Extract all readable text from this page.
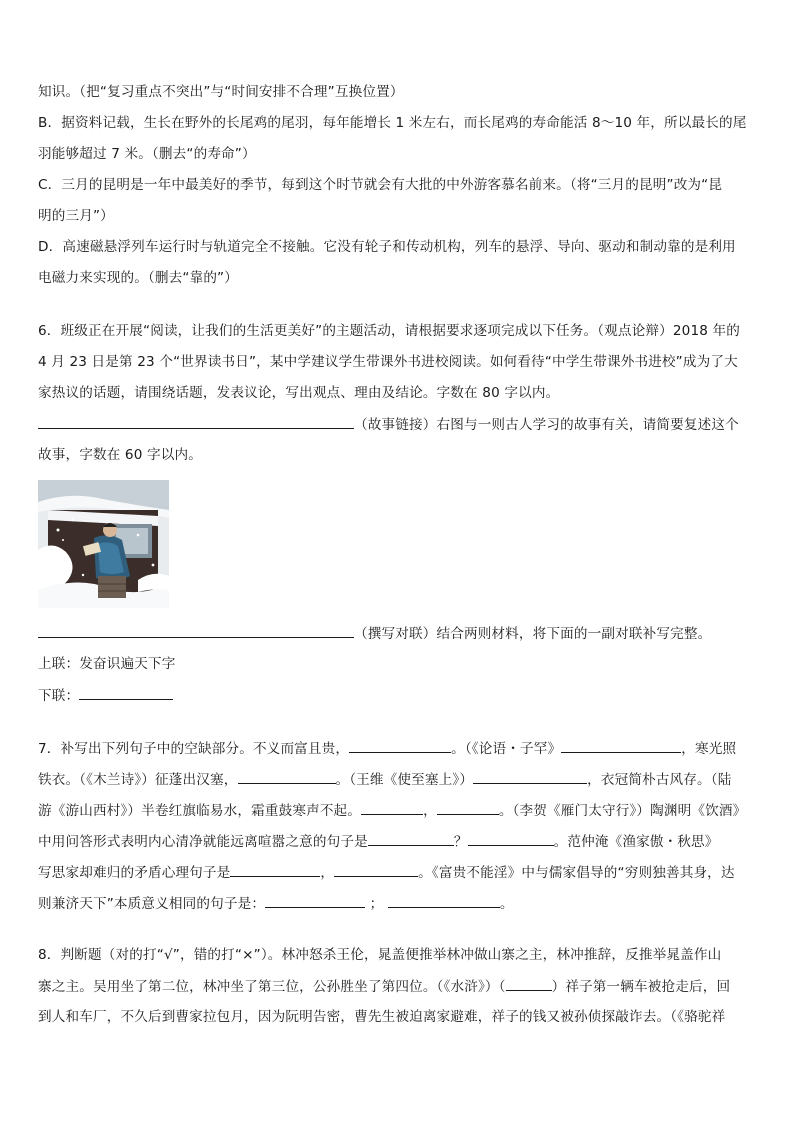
知识。（把“复习重点不突出”与“时间安排不合理”互换位置）
B．据资料记载，生长在野外的长尾鸡的尾羽，每年能增长 1 米左右，而长尾鸡的寿命能活 8～10 年，所以最长的尾
羽能够超过 7 米。（删去“的寿命”）
C．三月的昆明是一年中最美好的季节，每到这个时节就会有大批的中外游客慕名前来。（将“三月的昆明”改为“昆
明的三月”）
D．高速磁悬浮列车运行时与轨道完全不接触。它没有轮子和传动机构，列车的悬浮、导向、驱动和制动靠的是利用
电磁力来实现的。（删去“靠的”）
6．班级正在开展“阅读，让我们的生活更美好”的主题活动，请根据要求逐项完成以下任务。（观点论辩）2018 年的
4 月 23 日是第 23 个“世界读书日”，某中学建议学生带课外书进校阅读。如何看待“中学生带课外书进校”成为了大
家热议的话题，请围绕话题，发表议论，写出观点、理由及结论。字数在 80 字以内。
（故事链接）右图与一则古人学习的故事有关，请简要复述这个
故事，字数在 60 字以内。
（撰写对联）结合两则材料，将下面的一副对联补写完整。
上联：发奋识遍天下字
下联：
7．补写出下列句子中的空缺部分。不义而富且贵，	。（《论语・子罕》	，寒光照
铁衣。（《木兰诗》）征蓬出汉塞，	。（王维《使至塞上》）	，衣冠简朴古风存。（陆
游《游山西村》）半卷红旗临易水，霜重鼓寒声不起。	，	。（李贺《雁门太守行》）陶渊明《饮酒》
中用问答形式表明内心清净就能远离喧嚣之意的句子是	？	。范仲淹《渔家傲・秋思》
写思家却难归的矛盾心理句子是	，	。《富贵不能淫》中与儒家倡导的“穷则独善其身，达
则兼济天下”本质意义相同的句子是：	；	。
8．判断题（对的打“√”，错的打“×”）。林冲怒杀王伦，晁盖便推举林冲做山寨之主，林冲推辞，反推举晁盖作山
寨之主。吴用坐了第二位，林冲坐了第三位，公孙胜坐了第四位。（《水浒》）（	）祥子第一辆车被抢走后，回
到人和车厂，不久后到曹家拉包月，因为阮明告密，曹先生被迫离家避难，祥子的钱又被孙侦探敲诈去。（《骆驼祥
